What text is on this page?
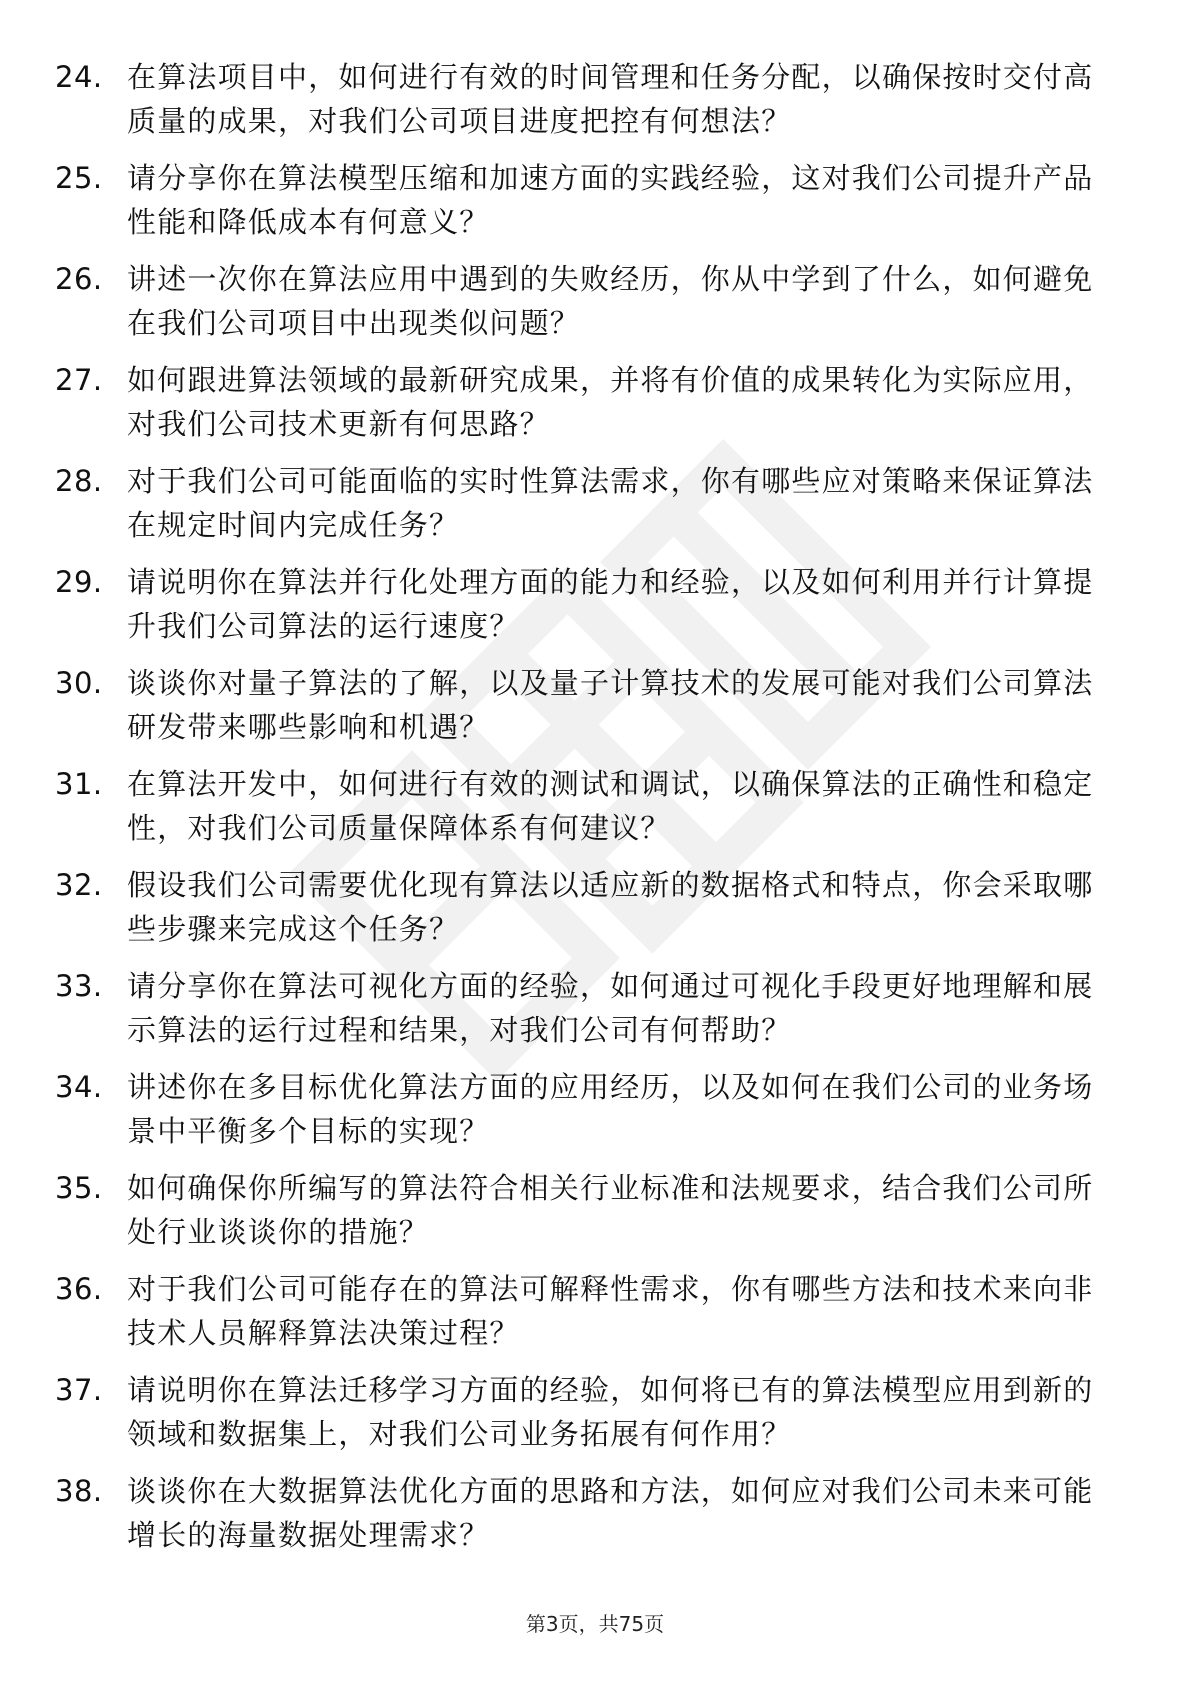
24. 在算法项目中，如何进行有效的时间管理和任务分配，以确保按时交付高质量的成果，对我们公司项目进度把控有何想法？
25. 请分享你在算法模型压缩和加速方面的实践经验，这对我们公司提升产品性能和降低成本有何意义？
26. 讲述一次你在算法应用中遇到的失败经历，你从中学到了什么，如何避免在我们公司项目中出现类似问题？
27. 如何跟进算法领域的最新研究成果，并将有价值的成果转化为实际应用，对我们公司技术更新有何思路？
28. 对于我们公司可能面临的实时性算法需求，你有哪些应对策略来保证算法在规定时间内完成任务？
29. 请说明你在算法并行化处理方面的能力和经验，以及如何利用并行计算提升我们公司算法的运行速度？
30. 谈谈你对量子算法的了解，以及量子计算技术的发展可能对我们公司算法研发带来哪些影响和机遇？
31. 在算法开发中，如何进行有效的测试和调试，以确保算法的正确性和稳定性，对我们公司质量保障体系有何建议？
32. 假设我们公司需要优化现有算法以适应新的数据格式和特点，你会采取哪些步骤来完成这个任务？
33. 请分享你在算法可视化方面的经验，如何通过可视化手段更好地理解和展示算法的运行过程和结果，对我们公司有何帮助？
34. 讲述你在多目标优化算法方面的应用经历，以及如何在我们公司的业务场景中平衡多个目标的实现？
35. 如何确保你所编写的算法符合相关行业标准和法规要求，结合我们公司所处行业谈谈你的措施？
36. 对于我们公司可能存在的算法可解释性需求，你有哪些方法和技术来向非技术人员解释算法决策过程？
37. 请说明你在算法迁移学习方面的经验，如何将已有的算法模型应用到新的领域和数据集上，对我们公司业务拓展有何作用？
38. 谈谈你在大数据算法优化方面的思路和方法，如何应对我们公司未来可能增长的海量数据处理需求？
第3页，共75页
